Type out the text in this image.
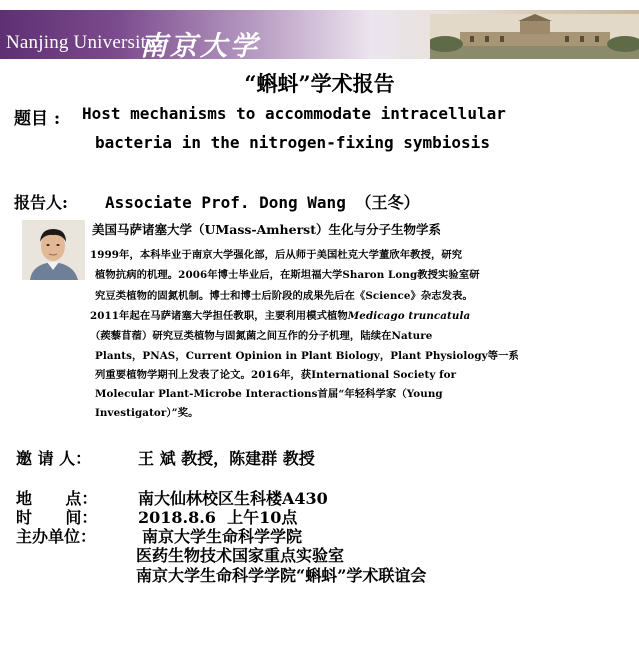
Nanjing University
南京大学
“蝌蚪”学术报告
题目 : Host mechanisms to accommodate intracellular
bacteria in the nitrogen-fixing symbiosis
报告人: Associate Prof. Dong Wang （王冬）
美国马萨诸塞大学（UMass-Amherst）生化与分子生物学系
1999年，本科毕业于南京大学强化部，后从师于美国杜克大学董欣年教授，研究
植物抗病的机理。2006年博士毕业后，在斯坦福大学Sharon Long教授实验室研
究豆类植物的固氮机制。博士和博士后阶段的成果先后在《Science》杂志发表。
2011年起在马萨诸塞大学担任教职，主要利用模式植物Medicago truncatula
（蒺藜苜蓿）研究豆类植物与固氮菌之间互作的分子机理，陆续在Nature
Plants，PNAS，Current Opinion in Plant Biology，Plant Physiology等一系
列重要植物学期刊上发表了论文。2016年，获International Society for
Molecular Plant-Microbe Interactions首届“年轻科学家（Young
Investigator）”奖。
邀 请 人：	王 斌 教授，陈建群 教授
地      点：	南大仙林校区生科楼A430
时      间：	2018.8.6  上午10点
主办单位：	南京大学生命科学学院
医药生物技术国家重点实验室
南京大学生命科学学院“蝌蚪”学术联谊会
